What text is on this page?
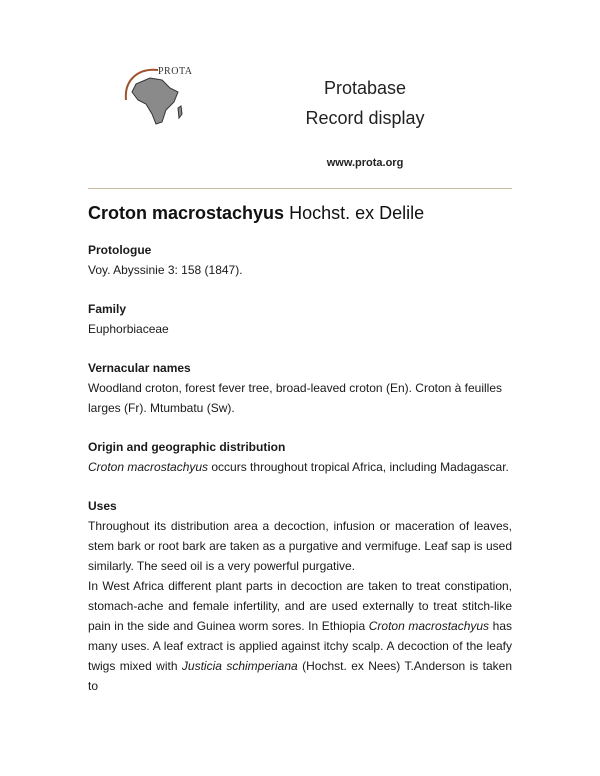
PROTA
Protabase
Record display
www.prota.org
Croton macrostachyus Hochst. ex Delile
Protologue

Voy. Abyssinie 3: 158 (1847).

Family

Euphorbiaceae

Vernacular names

Woodland croton, forest fever tree, broad-leaved croton (En). Croton à feuilles larges (Fr). Mtumbatu (Sw).

Origin and geographic distribution

Croton macrostachyus occurs throughout tropical Africa, including Madagascar.

Uses

Throughout its distribution area a decoction, infusion or maceration of leaves, stem bark or root bark are taken as a purgative and vermifuge. Leaf sap is used similarly. The seed oil is a very powerful purgative.

In West Africa different plant parts in decoction are taken to treat constipation, stomach-ache and female infertility, and are used externally to treat stitch-like pain in the side and Guinea worm sores. In Ethiopia Croton macrostachyus has many uses. A leaf extract is applied against itchy scalp. A decoction of the leafy twigs mixed with Justicia schimperiana (Hochst. ex Nees) T.Anderson is taken to
